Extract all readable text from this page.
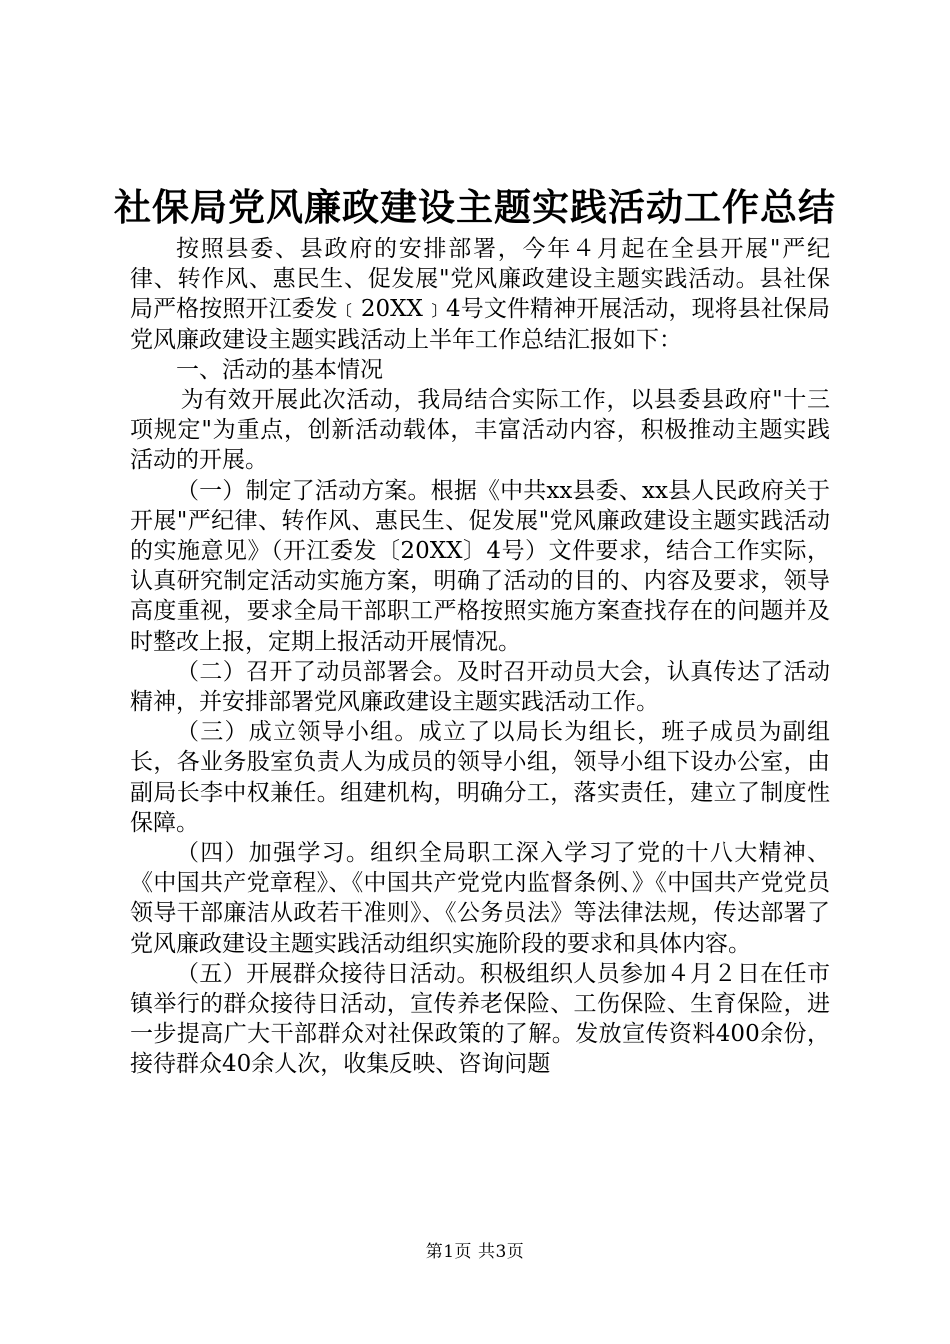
社保局党风廉政建设主题实践活动工作总结

按照县委、县政府的安排部署，今年４月起在全县开展"严纪律、转作风、惠民生、促发展"党风廉政建设主题实践活动。县社保局严格按照开江委发﹝20XX﹞4号文件精神开展活动，现将县社保局党风廉政建设主题实践活动上半年工作总结汇报如下：

一、活动的基本情况

为有效开展此次活动，我局结合实际工作，以县委县政府"十三项规定"为重点，创新活动载体，丰富活动内容，积极推动主题实践活动的开展。

（一）制定了活动方案。根据《中共xx县委、xx县人民政府关于开展"严纪律、转作风、惠民生、促发展"党风廉政建设主题实践活动的实施意见》（开江委发〔20XX〕4号）文件要求，结合工作实际，认真研究制定活动实施方案，明确了活动的目的、内容及要求，领导高度重视，要求全局干部职工严格按照实施方案查找存在的问题并及时整改上报，定期上报活动开展情况。

（二）召开了动员部署会。及时召开动员大会，认真传达了活动精神，并安排部署党风廉政建设主题实践活动工作。

（三）成立领导小组。成立了以局长为组长，班子成员为副组长，各业务股室负责人为成员的领导小组，领导小组下设办公室，由副局长李中权兼任。组建机构，明确分工，落实责任，建立了制度性保障。

（四）加强学习。组织全局职工深入学习了党的十八大精神、《中国共产党章程》、《中国共产党党内监督条例、》《中国共产党党员领导干部廉洁从政若干准则》、《公务员法》等法律法规，传达部署了党风廉政建设主题实践活动组织实施阶段的要求和具体内容。

（五）开展群众接待日活动。积极组织人员参加４月２日在任市镇举行的群众接待日活动，宣传养老保险、工伤保险、生育保险，进一步提高广大干部群众对社保政策的了解。发放宣传资料400余份，接待群众40余人次，收集反映、咨询问题

第1页 共3页
